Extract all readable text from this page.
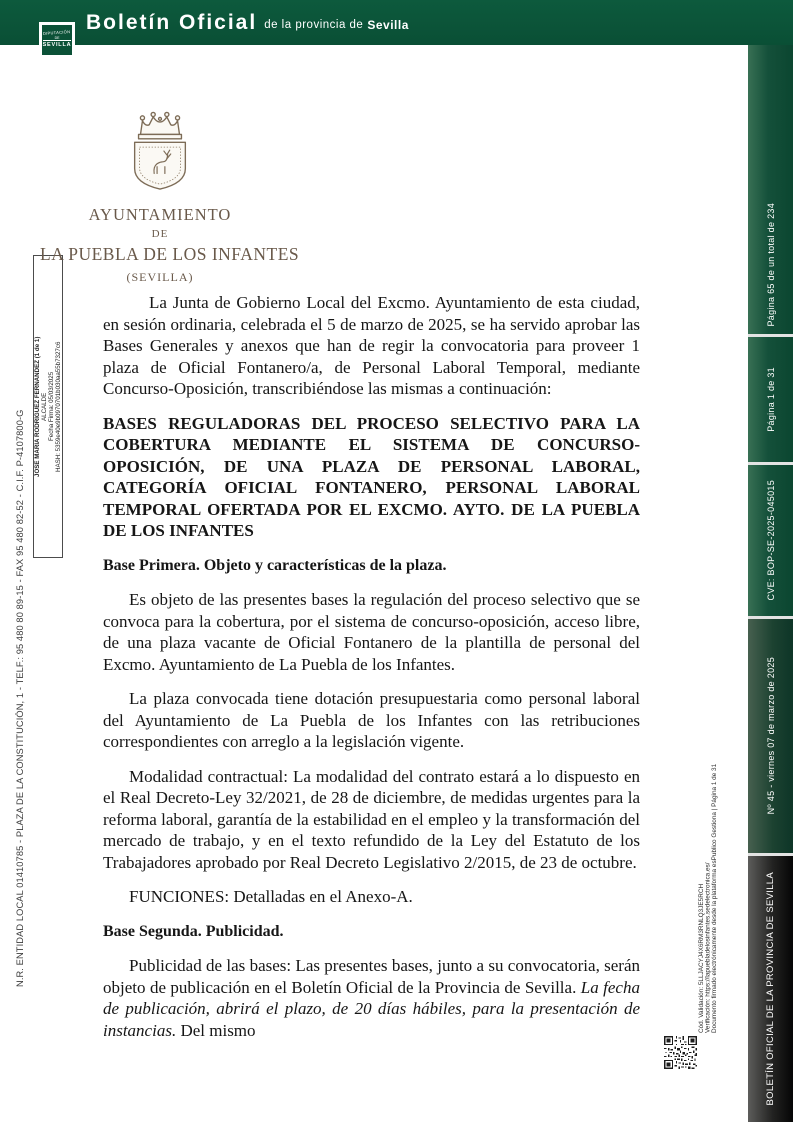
Boletín Oficial de la provincia de Sevilla
DIPUTACIÓN
DE
SEVILLA
Página 65 de un total de 234
Página 1 de 31
CVE: BOP-SE-2025-045015
Nº 45 - viernes 07 de marzo de 2025
BOLETÍN OFICIAL DE LA PROVINCIA DE SEVILLA
N.R. ENTIDAD LOCAL 01410785 - PLAZA DE LA CONSTITUCIÓN, 1 - TELF.: 95 480 80 89-15 - FAX 95 480 82-52 - C.I.F. P-4107800-G
JOSE MARIA RODRIGUEZ FERNANDEZ (1 de 1) ALCALDE Fecha Firma: 05/03/2025 HASH: 5359e40e9b0970701b030aa55b7327c6
AYUNTAMIENTO
DE
LA PUEBLA DE LOS INFANTES
(SEVILLA)

La Junta de Gobierno Local del Excmo. Ayuntamiento de esta ciudad, en sesión ordinaria, celebrada el 5 de marzo de 2025, se ha servido aprobar las Bases Generales y anexos que han de regir la convocatoria para proveer 1 plaza de Oficial Fontanero/a, de Personal Laboral Temporal, mediante Concurso-Oposición, transcribiéndose las mismas a continuación:

BASES REGULADORAS DEL PROCESO SELECTIVO PARA LA COBERTURA MEDIANTE EL SISTEMA DE CONCURSO-OPOSICIÓN, DE UNA PLAZA DE PERSONAL LABORAL, CATEGORÍA OFICIAL FONTANERO, PERSONAL LABORAL TEMPORAL OFERTADA POR EL EXCMO. AYTO. DE LA PUEBLA DE LOS INFANTES

Base Primera. Objeto y características de la plaza.

Es objeto de las presentes bases la regulación del proceso selectivo que se convoca para la cobertura, por el sistema de concurso-oposición, acceso libre, de una plaza vacante de Oficial Fontanero de la plantilla de personal del Excmo. Ayuntamiento de La Puebla de los Infantes.

La plaza convocada tiene dotación presupuestaria como personal laboral del Ayuntamiento de La Puebla de los Infantes con las retribuciones correspondientes con arreglo a la legislación vigente.

Modalidad contractual: La modalidad del contrato estará a lo dispuesto en el Real Decreto-Ley 32/2021, de 28 de diciembre, de medidas urgentes para la reforma laboral, garantía de la estabilidad en el empleo y la transformación del mercado de trabajo, y en el texto refundido de la Ley del Estatuto de los Trabajadores aprobado por Real Decreto Legislativo 2/2015, de 23 de octubre.

FUNCIONES: Detalladas en el Anexo-A.

Base Segunda. Publicidad.

Publicidad de las bases: Las presentes bases, junto a su convocatoria, serán objeto de publicación en el Boletín Oficial de la Provincia de Sevilla. La fecha de publicación, abrirá el plazo, de 20 días hábiles, para la presentación de instancias. Del mismo	Cód. Validación: 5LLJACYJ4X6RM3RNLQ3JE5RCH Verificación: https://lapuebladelosinfantes.sedelectronica.es/ Documento firmado electrónicamente desde la plataforma esPublico Gestiona | Página 1 de 31
